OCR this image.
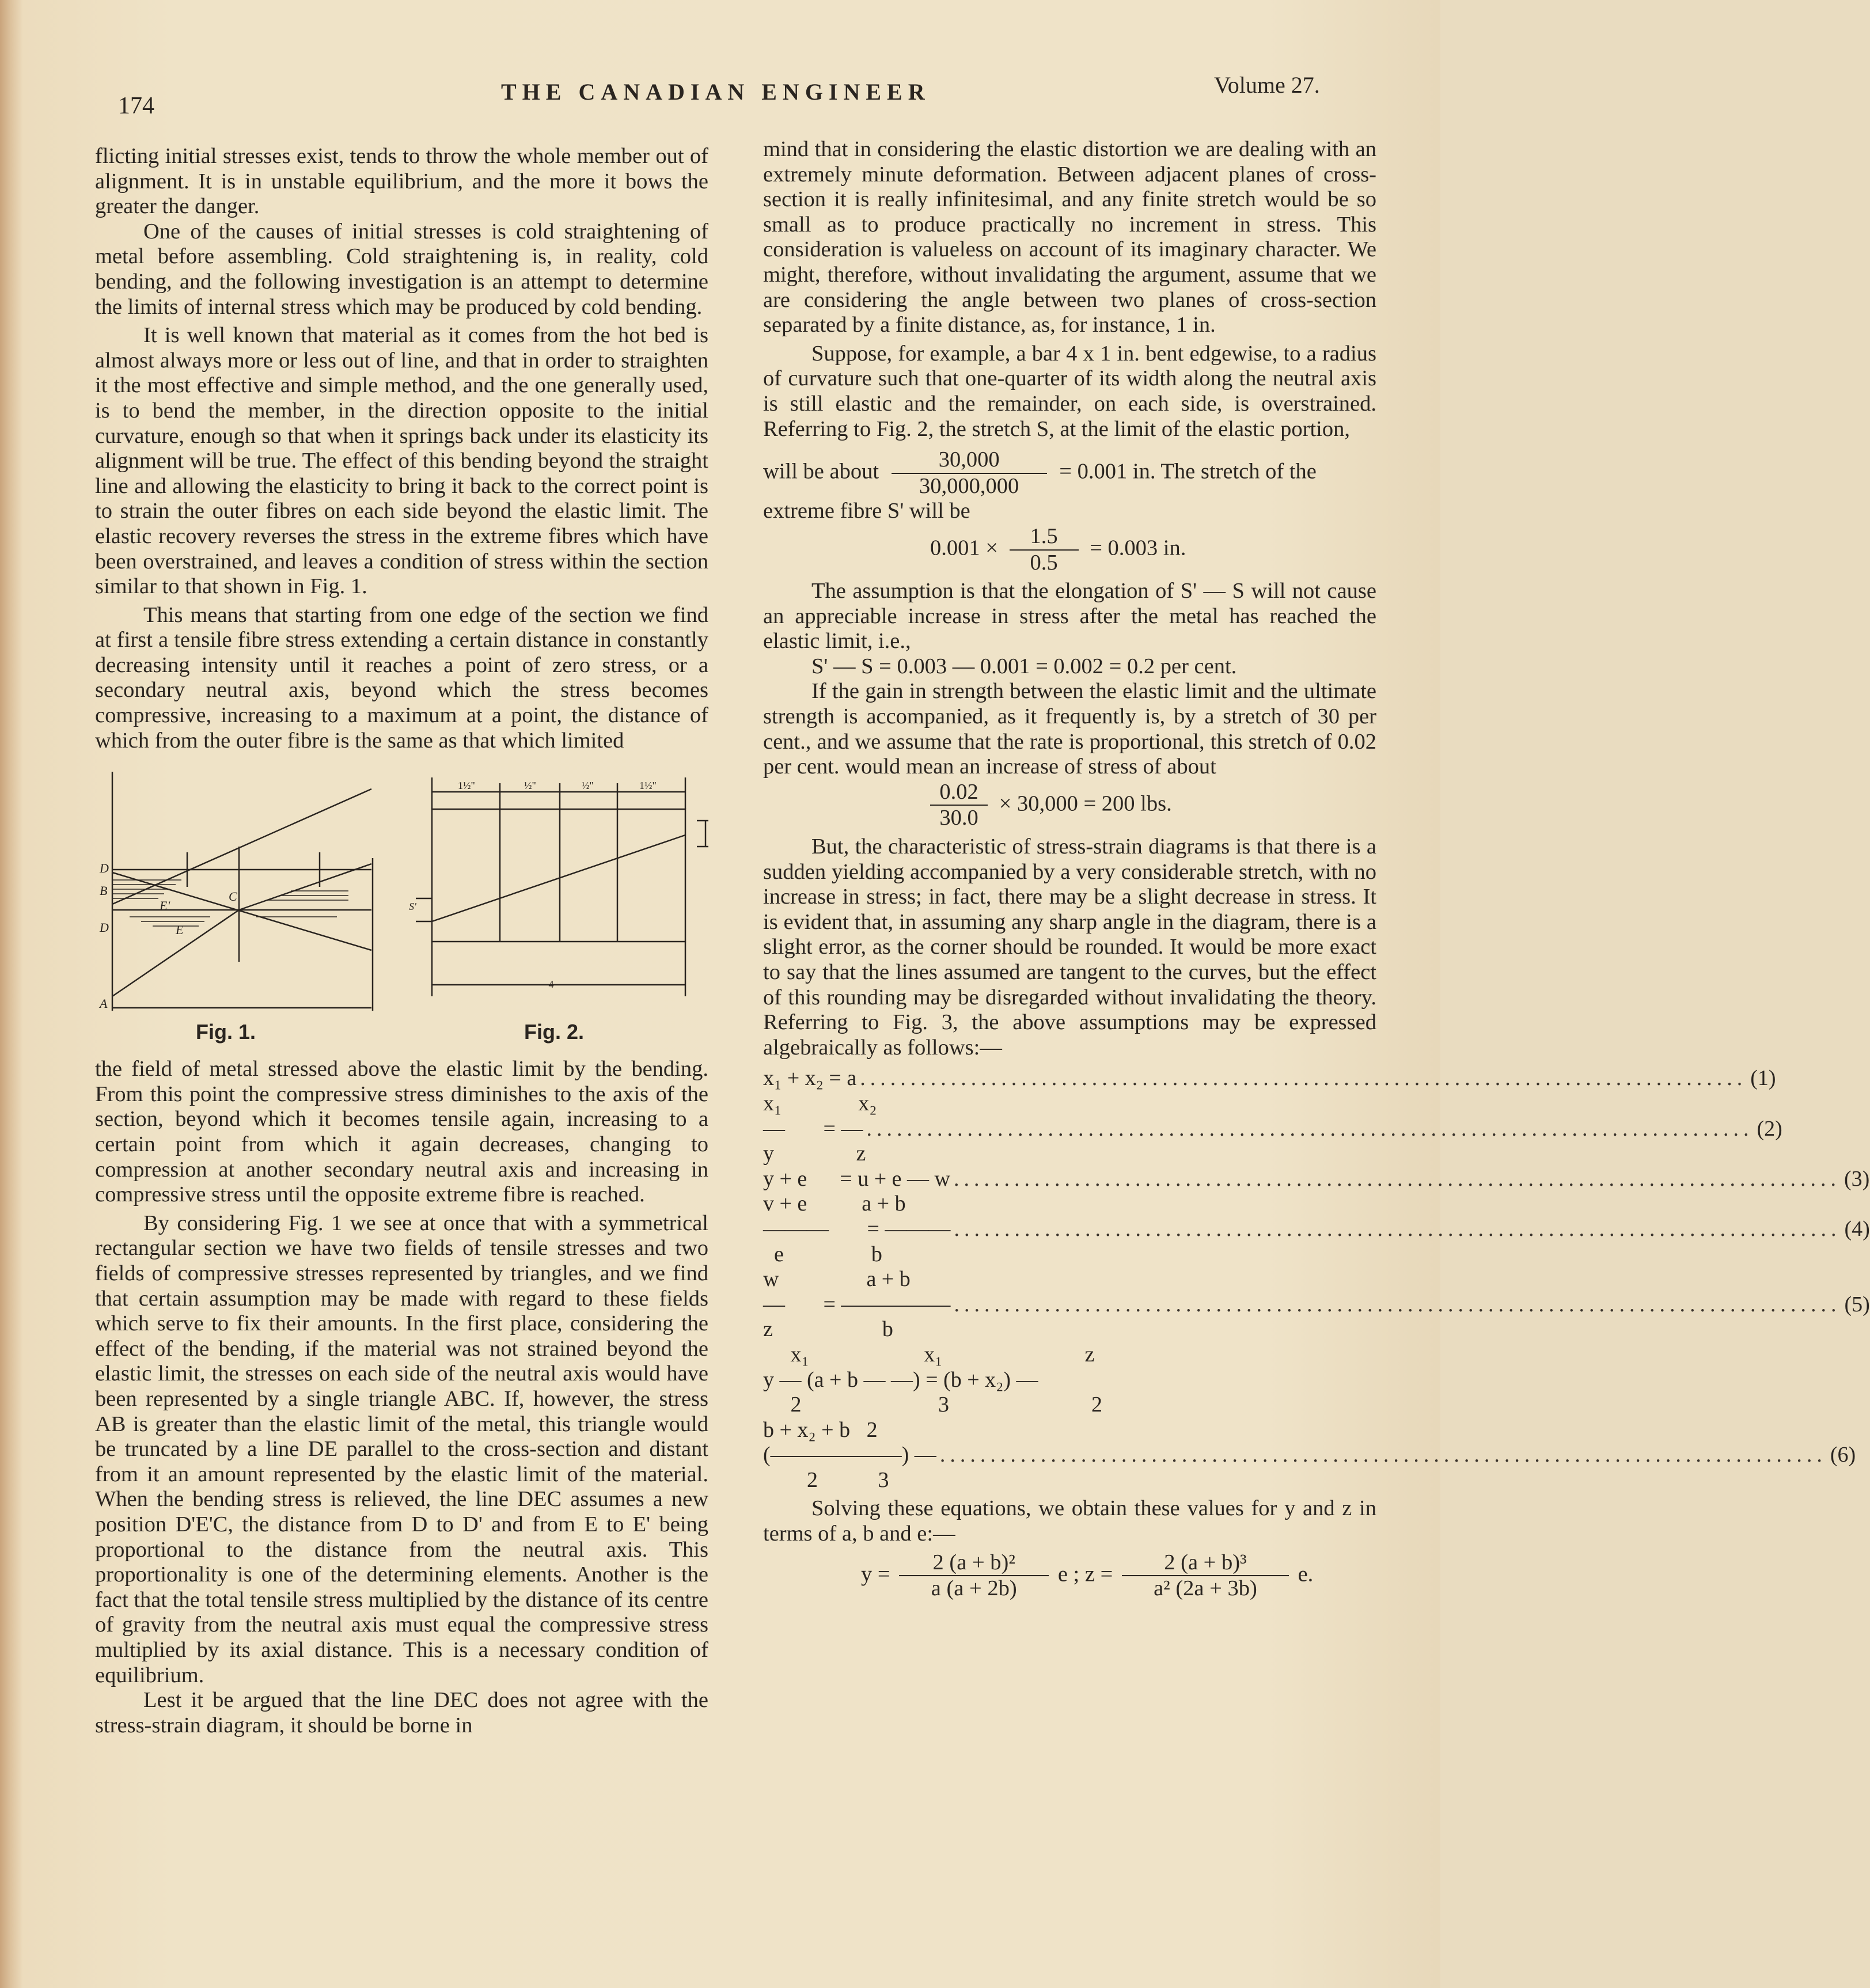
174
THE CANADIAN ENGINEER	Volume 27.

flicting initial stresses exist, tends to throw the whole member out of alignment. It is in unstable equilibrium, and the more it bows the greater the danger.

One of the causes of initial stresses is cold straightening of metal before assembling. Cold straightening is, in reality, cold bending, and the following investigation is an attempt to determine the limits of internal stress which may be produced by cold bending.

It is well known that material as it comes from the hot bed is almost always more or less out of line, and that in order to straighten it the most effective and simple method, and the one generally used, is to bend the member, in the direction opposite to the initial curvature, enough so that when it springs back under its elasticity its alignment will be true. The effect of this bending beyond the straight line and allowing the elasticity to bring it back to the correct point is to strain the outer fibres on each side beyond the elastic limit. The elastic recovery reverses the stress in the extreme fibres which have been overstrained, and leaves a condition of stress within the section similar to that shown in Fig. 1.

This means that starting from one edge of the section we find at first a tensile fibre stress extending a certain distance in constantly decreasing intensity until it reaches a point of zero stress, or a secondary neutral axis, beyond which the stress becomes compressive, increasing to a maximum at a point, the distance of which from the outer fibre is the same as that which limited

D
B
D
A
C
E'
E
Fig. 1.
1½"	½"	½"	1½"
S'
— 4 —
Fig. 2.

the field of metal stressed above the elastic limit by the bending. From this point the compressive stress diminishes to the axis of the section, beyond which it becomes tensile again, increasing to a certain point from which it again decreases, changing to compression at another secondary neutral axis and increasing in compressive stress until the opposite extreme fibre is reached.

By considering Fig. 1 we see at once that with a symmetrical rectangular section we have two fields of tensile stresses and two fields of compressive stresses represented by triangles, and we find that certain assumption may be made with regard to these fields which serve to fix their amounts. In the first place, considering the effect of the bending, if the material was not strained beyond the elastic limit, the stresses on each side of the neutral axis would have been represented by a single triangle ABC. If, however, the stress AB is greater than the elastic limit of the metal, this triangle would be truncated by a line DE parallel to the cross-section and distant from it an amount represented by the elastic limit of the material. When the bending stress is relieved, the line DEC assumes a new position D'E'C, the distance from D to D' and from E to E' being proportional to the distance from the neutral axis. This proportionality is one of the determining elements. Another is the fact that the total tensile stress multiplied by the distance of its centre of gravity from the neutral axis must equal the compressive stress multiplied by its axial distance. This is a necessary condition of equilibrium.

Lest it be argued that the line DEC does not agree with the stress-strain diagram, it should be borne in

mind that in considering the elastic distortion we are dealing with an extremely minute deformation. Between adjacent planes of cross-section it is really infinitesimal, and any finite stretch would be so small as to produce practically no increment in stress. This consideration is valueless on account of its imaginary character. We might, therefore, without invalidating the argument, assume that we are considering the angle between two planes of cross-section separated by a finite distance, as, for instance, 1 in.

Suppose, for example, a bar 4 x 1 in. bent edgewise, to a radius of curvature such that one-quarter of its width along the neutral axis is still elastic and the remainder, on each side, is overstrained. Referring to Fig. 2, the stretch S, at the limit of the elastic portion,

will be about $\frac{30,000}{30,000,000} = 0.001$ in. The stretch of the
extreme fibre S' will be
$0.001 \times \frac{1.5}{0.5} = 0.003$ in.

The assumption is that the elongation of S' — S will not cause an appreciable increase in stress after the metal has reached the elastic limit, i.e.,

S' — S = 0.003 — 0.001 = 0.002 = 0.2 per cent.

If the gain in strength between the elastic limit and the ultimate strength is accompanied, as it frequently is, by a stretch of 30 per cent., and we assume that the rate is proportional, this stretch of 0.02 per cent. would mean an increase of stress of about

$\frac{0.02}{30.0} \times 30,000 = 200$ lbs.

But, the characteristic of stress-strain diagrams is that there is a sudden yielding accompanied by a very considerable stretch, with no increase in stress; in fact, there may be a slight decrease in stress. It is evident that, in assuming any sharp angle in the diagram, there is a slight error, as the corner should be rounded. It would be more exact to say that the lines assumed are tangent to the curves, but the effect of this rounding may be disregarded without invalidating the theory. Referring to Fig. 3, the above assumptions may be expressed algebraically as follows:—

x₁ + x₂ = a ........................................................................................ (1)
x₁              x₂
—       = — ........................................................................................ (2)
y               z
y + e      = u + e — w ........................................................................................ (3)
v + e          a + b
———       = ——— ........................................................................................ (4)
e                b
w                a + b
—       = ————— ........................................................................................ (5)
z                    b
x₁                     x₁                          z
y — (a + b — —) = (b + x₂) —
2                         3                          2
b + x₂ + b   2
(——————) — ........................................................................................ (6)
2           3

Solving these equations, we obtain these values for y and z in terms of a, b and e:—

$y = \frac{\text{2 (a + b)²}}{a (a + 2b)}$ e ; $z = \frac{\text{2 (a + b)³}}{\text{a² (2a + 3b)}} e$.
